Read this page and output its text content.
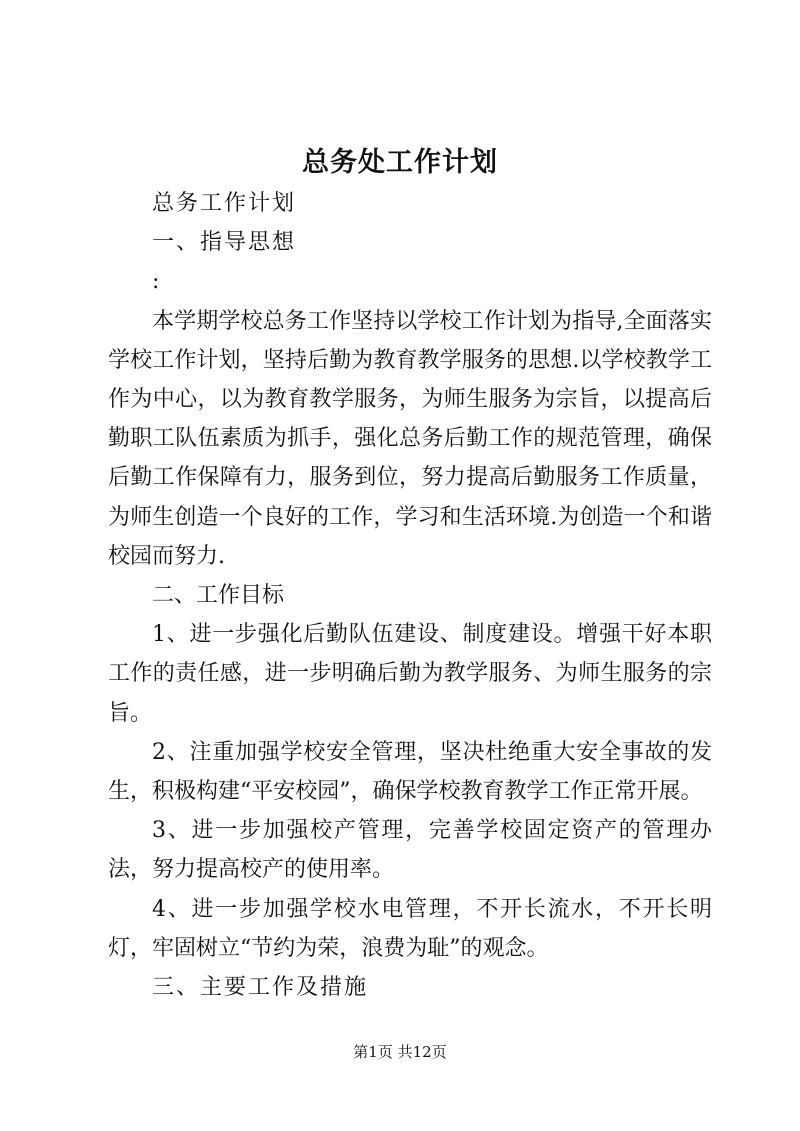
总务处工作计划

总务工作计划

一、指导思想

:

本学期学校总务工作坚持以学校工作计划为指导,全面落实学校工作计划，坚持后勤为教育教学服务的思想.以学校教学工作为中心，以为教育教学服务，为师生服务为宗旨，以提高后勤职工队伍素质为抓手，强化总务后勤工作的规范管理，确保后勤工作保障有力，服务到位，努力提高后勤服务工作质量，为师生创造一个良好的工作，学习和生活环境.为创造一个和谐校园而努力.

二、工作目标

1、进一步强化后勤队伍建设、制度建设。增强干好本职工作的责任感，进一步明确后勤为教学服务、为师生服务的宗旨。

2、注重加强学校安全管理，坚决杜绝重大安全事故的发生，积极构建“平安校园”，确保学校教育教学工作正常开展。

3、进一步加强校产管理，完善学校固定资产的管理办法，努力提高校产的使用率。

4、进一步加强学校水电管理，不开长流水，不开长明灯，牢固树立“节约为荣，浪费为耻”的观念。

三、主要工作及措施

第1页 共12页
